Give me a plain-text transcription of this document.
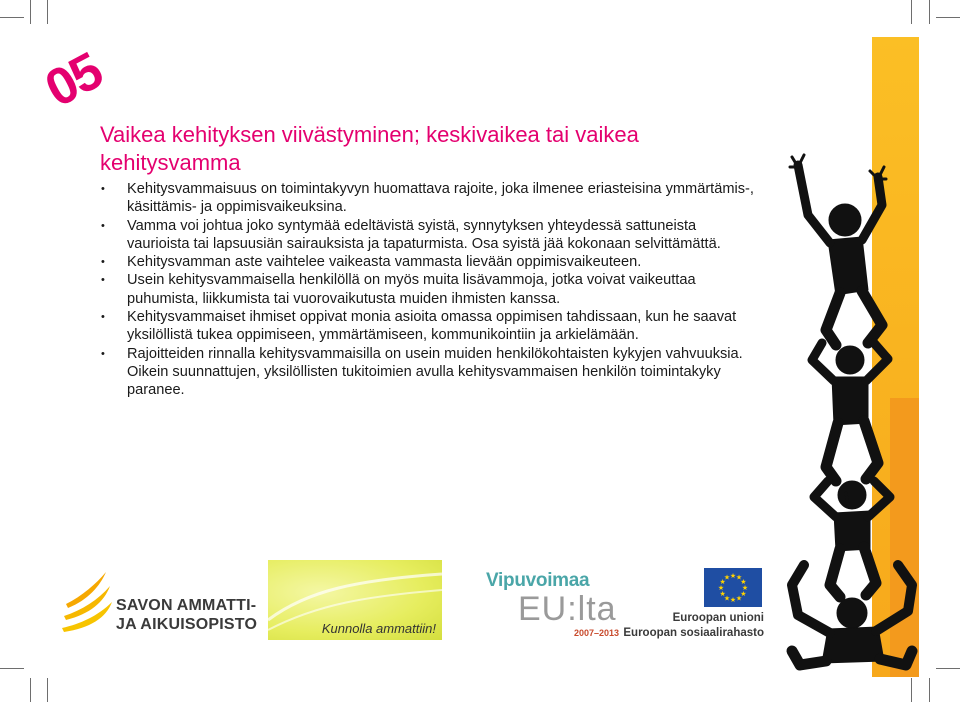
05
Vaikea kehityksen viivästyminen; keskivaikea tai vaikea kehitysvamma
• Kehitysvammaisuus on toimintakyvyn huomattava rajoite, joka ilmenee eriasteisina ymmärtämis-, käsittämis- ja oppimisvaikeuksina.
• Vamma voi johtua joko syntymää edeltävistä syistä, synnytyksen yhteydessä sattuneista vaurioista tai lapsuusiän sairauksista ja tapaturmista. Osa syistä jää kokonaan selvittämättä.
• Kehitysvamman aste vaihtelee vaikeasta vammasta lievään oppimisvaikeuteen.
• Usein kehitysvammaisella henkilöllä on myös muita lisävammoja, jotka voivat vaikeuttaa puhumista, liikkumista tai vuorovaikutusta muiden ihmisten kanssa.
• Kehitysvammaiset ihmiset oppivat monia asioita omassa oppimisen tahdissaan, kun he saavat yksilöllistä tukea oppimiseen, ymmärtämiseen, kommunikointiin ja arkielämään.
• Rajoitteiden rinnalla kehitysvammaisilla on usein muiden henkilökohtaisten kykyjen vahvuuksia. Oikein suunnattujen, yksilöllisten tukitoimien avulla kehitysvammaisen henkilön toimintakyky paranee.
SAVON AMMATTI-
JA AIKUISOPISTO	Kunnolla ammattiin!
Vipuvoimaa
EU:lta
2007–2013
★ ★
★
★
★
★
★
★
★
★
★
★
Euroopan unioni
Euroopan sosiaalirahasto
